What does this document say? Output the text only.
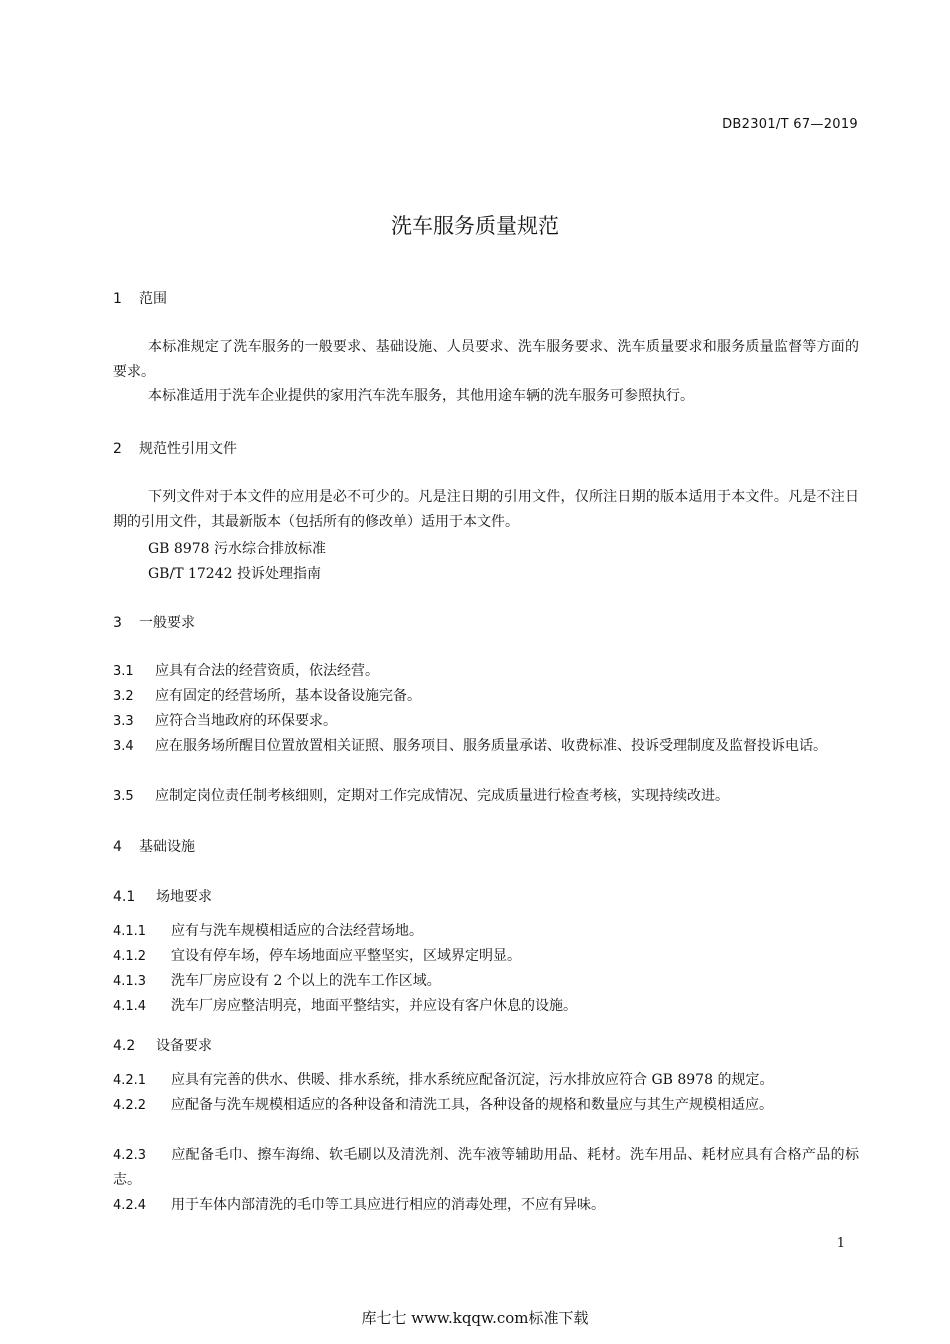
DB2301/T 67—2019
洗车服务质量规范
1 范围
本标准规定了洗车服务的一般要求、基础设施、人员要求、洗车服务要求、洗车质量要求和服务质量监督等方面的要求。
本标准适用于洗车企业提供的家用汽车洗车服务，其他用途车辆的洗车服务可参照执行。
2 规范性引用文件
下列文件对于本文件的应用是必不可少的。凡是注日期的引用文件，仅所注日期的版本适用于本文件。凡是不注日期的引用文件，其最新版本（包括所有的修改单）适用于本文件。
GB 8978 污水综合排放标准
GB/T 17242 投诉处理指南
3 一般要求
3.1 应具有合法的经营资质，依法经营。
3.2 应有固定的经营场所，基本设备设施完备。
3.3 应符合当地政府的环保要求。
3.4 应在服务场所醒目位置放置相关证照、服务项目、服务质量承诺、收费标准、投诉受理制度及监督投诉电话。
3.5 应制定岗位责任制考核细则，定期对工作完成情况、完成质量进行检查考核，实现持续改进。
4 基础设施
4.1 场地要求
4.1.1 应有与洗车规模相适应的合法经营场地。
4.1.2 宜设有停车场，停车场地面应平整坚实，区域界定明显。
4.1.3 洗车厂房应设有 2 个以上的洗车工作区域。
4.1.4 洗车厂房应整洁明亮，地面平整结实，并应设有客户休息的设施。
4.2 设备要求
4.2.1 应具有完善的供水、供暖、排水系统，排水系统应配备沉淀，污水排放应符合 GB 8978 的规定。
4.2.2 应配备与洗车规模相适应的各种设备和清洗工具，各种设备的规格和数量应与其生产规模相适应。
4.2.3 应配备毛巾、擦车海绵、软毛刷以及清洗剂、洗车液等辅助用品、耗材。洗车用品、耗材应具有合格产品的标志。
4.2.4 用于车体内部清洗的毛巾等工具应进行相应的消毒处理，不应有异味。
1
库七七 www.kqqw.com标准下载
